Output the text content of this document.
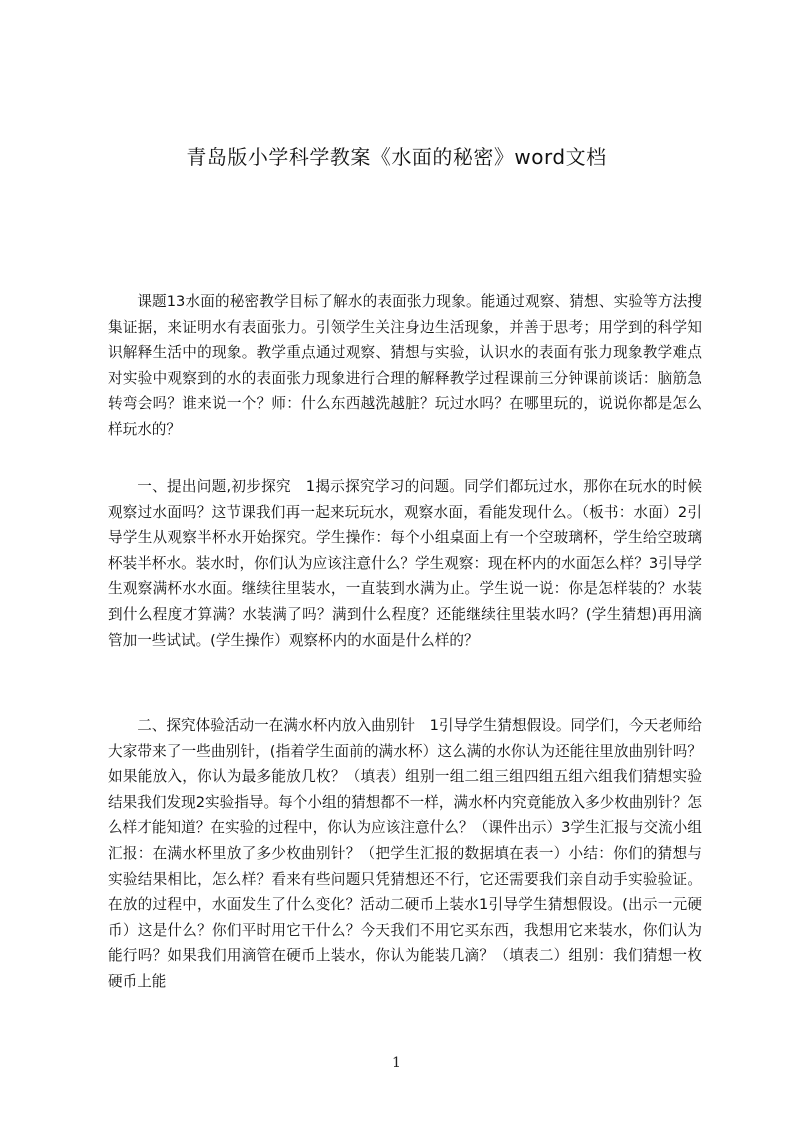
青岛版小学科学教案《水面的秘密》word文档

课题13水面的秘密教学目标了解水的表面张力现象。能通过观察、猜想、实验等方法搜集证据，来证明水有表面张力。引领学生关注身边生活现象，并善于思考；用学到的科学知识解释生活中的现象。教学重点通过观察、猜想与实验，认识水的表面有张力现象教学难点对实验中观察到的水的表面张力现象进行合理的解释教学过程课前三分钟课前谈话：脑筋急转弯会吗？谁来说一个？师：什么东西越洗越脏？玩过水吗？在哪里玩的，说说你都是怎么样玩水的？

一、提出问题,初步探究　1揭示探究学习的问题。同学们都玩过水，那你在玩水的时候观察过水面吗？这节课我们再一起来玩玩水，观察水面，看能发现什么。（板书：水面）2引导学生从观察半杯水开始探究。学生操作：每个小组桌面上有一个空玻璃杯，学生给空玻璃杯装半杯水。装水时，你们认为应该注意什么？学生观察：现在杯内的水面怎么样？3引导学生观察满杯水水面。继续往里装水，一直装到水满为止。学生说一说：你是怎样装的？水装到什么程度才算满？水装满了吗？满到什么程度？还能继续往里装水吗？(学生猜想)再用滴管加一些试试。(学生操作）观察杯内的水面是什么样的？

二、探究体验活动一在满水杯内放入曲别针　1引导学生猜想假设。同学们，今天老师给大家带来了一些曲别针，(指着学生面前的满水杯）这么满的水你认为还能往里放曲别针吗？如果能放入，你认为最多能放几枚？（填表）组别一组二组三组四组五组六组我们猜想实验结果我们发现2实验指导。每个小组的猜想都不一样，满水杯内究竟能放入多少枚曲别针？怎么样才能知道？在实验的过程中，你认为应该注意什么？（课件出示）3学生汇报与交流小组汇报：在满水杯里放了多少枚曲别针？（把学生汇报的数据填在表一）小结：你们的猜想与实验结果相比，怎么样？看来有些问题只凭猜想还不行，它还需要我们亲自动手实验验证。在放的过程中，水面发生了什么变化？活动二硬币上装水1引导学生猜想假设。(出示一元硬币）这是什么？你们平时用它干什么？今天我们不用它买东西，我想用它来装水，你们认为能行吗？如果我们用滴管在硬币上装水，你认为能装几滴？（填表二）组别：我们猜想一枚硬币上能

1
